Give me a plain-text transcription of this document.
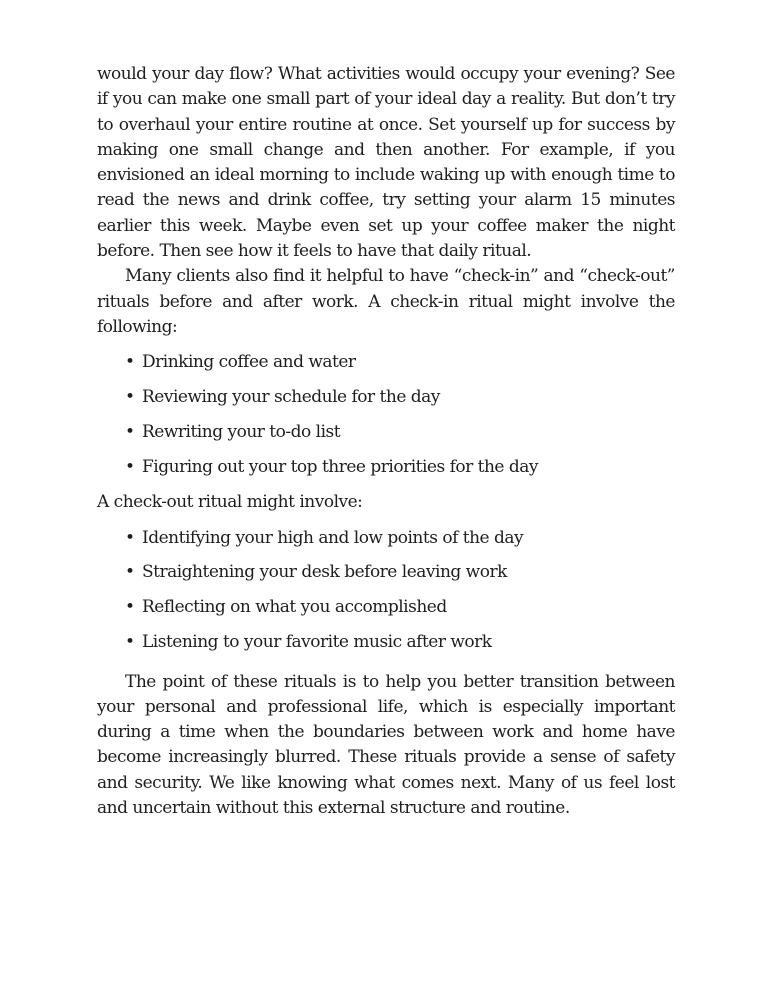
would your day flow? What activities would occupy your evening? See if you can make one small part of your ideal day a reality. But don’t try to overhaul your entire routine at once. Set yourself up for success by making one small change and then another. For example, if you envisioned an ideal morning to include waking up with enough time to read the news and drink coffee, try setting your alarm 15 minutes earlier this week. Maybe even set up your coffee maker the night before. Then see how it feels to have that daily ritual.

Many clients also find it helpful to have “check-in” and “check-out” rituals before and after work. A check-in ritual might involve the following:

• Drinking coffee and water
• Reviewing your schedule for the day
• Rewriting your to-do list
• Figuring out your top three priorities for the day

A check-out ritual might involve:

• Identifying your high and low points of the day
• Straightening your desk before leaving work
• Reflecting on what you accomplished
• Listening to your favorite music after work

The point of these rituals is to help you better transition between your personal and professional life, which is especially important during a time when the boundaries between work and home have become increasingly blurred. These rituals provide a sense of safety and security. We like knowing what comes next. Many of us feel lost and uncertain without this external structure and routine.
